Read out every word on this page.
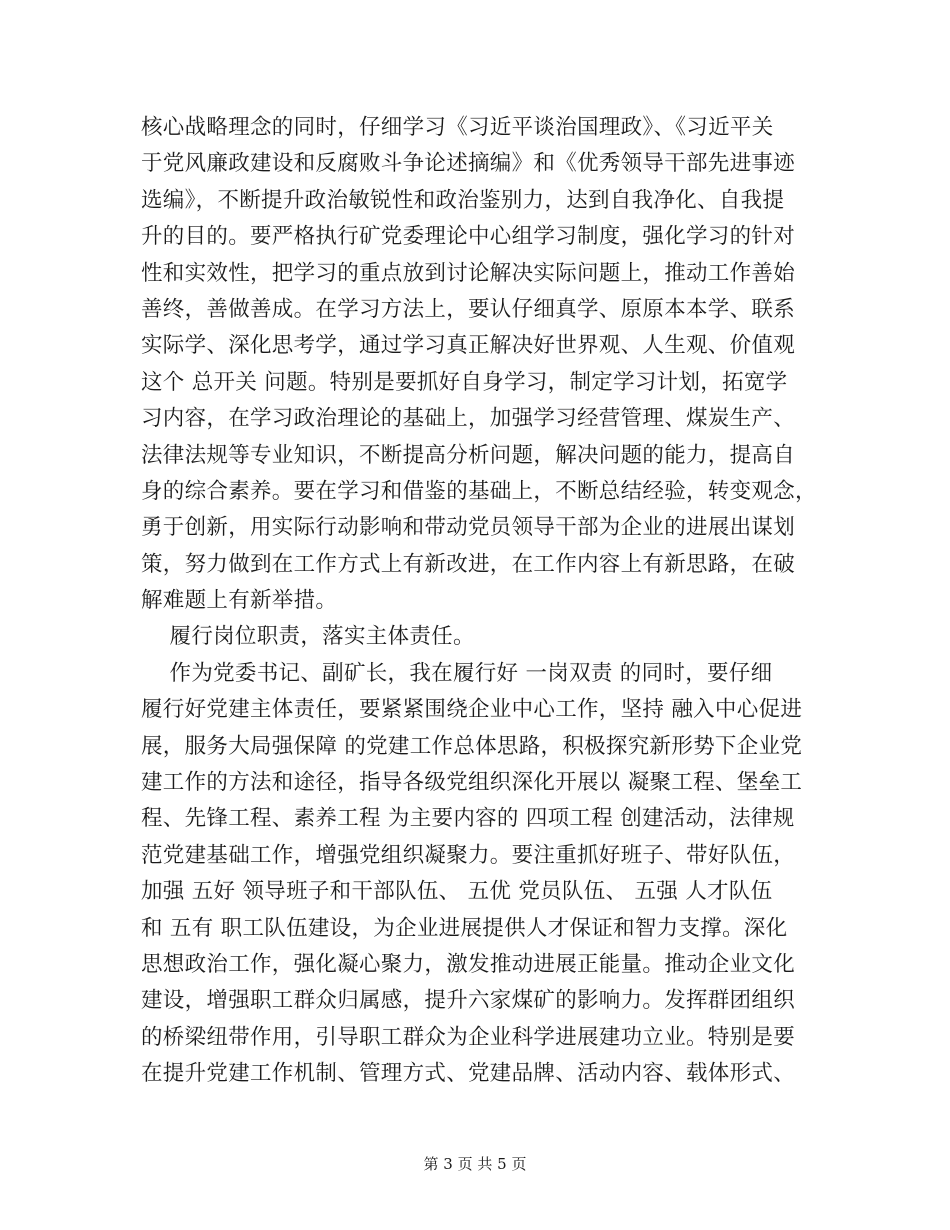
核心战略理念的同时，仔细学习《习近平谈治国理政》、《习近平关
于党风廉政建设和反腐败斗争论述摘编》和《优秀领导干部先进事迹
选编》，不断提升政治敏锐性和政治鉴别力，达到自我净化、自我提
升的目的。要严格执行矿党委理论中心组学习制度，强化学习的针对
性和实效性，把学习的重点放到讨论解决实际问题上，推动工作善始
善终，善做善成。在学习方法上，要认仔细真学、原原本本学、联系
实际学、深化思考学，通过学习真正解决好世界观、人生观、价值观
这个 总开关 问题。特别是要抓好自身学习，制定学习计划，拓宽学
习内容，在学习政治理论的基础上，加强学习经营管理、煤炭生产、
法律法规等专业知识，不断提高分析问题，解决问题的能力，提高自
身的综合素养。要在学习和借鉴的基础上，不断总结经验，转变观念，
勇于创新，用实际行动影响和带动党员领导干部为企业的进展出谋划
策，努力做到在工作方式上有新改进，在工作内容上有新思路，在破
解难题上有新举措。
履行岗位职责，落实主体责任。
作为党委书记、副矿长，我在履行好 一岗双责 的同时，要仔细
履行好党建主体责任，要紧紧围绕企业中心工作，坚持 融入中心促进
展，服务大局强保障 的党建工作总体思路，积极探究新形势下企业党
建工作的方法和途径，指导各级党组织深化开展以 凝聚工程、堡垒工
程、先锋工程、素养工程 为主要内容的 四项工程 创建活动，法律规
范党建基础工作，增强党组织凝聚力。要注重抓好班子、带好队伍，
加强 五好 领导班子和干部队伍、 五优 党员队伍、 五强 人才队伍
和 五有 职工队伍建设，为企业进展提供人才保证和智力支撑。深化
思想政治工作，强化凝心聚力，激发推动进展正能量。推动企业文化
建设，增强职工群众归属感，提升六家煤矿的影响力。发挥群团组织
的桥梁纽带作用，引导职工群众为企业科学进展建功立业。特别是要
在提升党建工作机制、管理方式、党建品牌、活动内容、载体形式、
第 3 页 共 5 页
